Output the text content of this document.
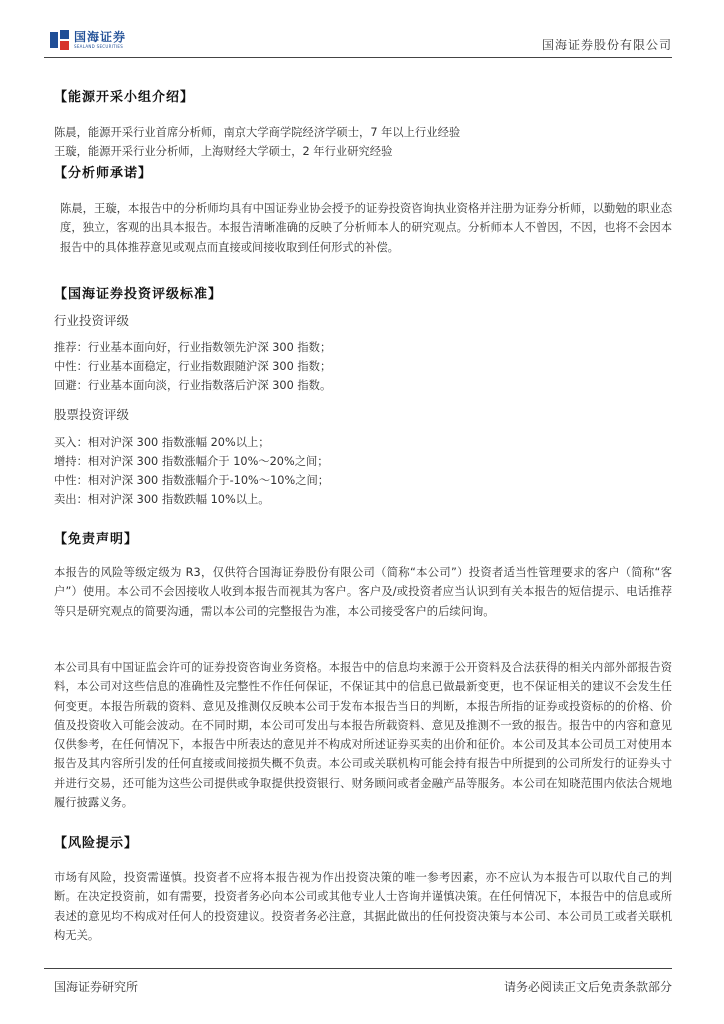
国海证券
SEALAND SECURITIES	国海证券股份有限公司
【能源开采小组介绍】
陈晨，能源开采行业首席分析师，南京大学商学院经济学硕士，7 年以上行业经验
王璇，能源开采行业分析师，上海财经大学硕士，2 年行业研究经验
【分析师承诺】
陈晨，王璇，本报告中的分析师均具有中国证券业协会授予的证券投资咨询执业资格并注册为证券分析师，以勤勉的职业态度，独立，客观的出具本报告。本报告清晰准确的反映了分析师本人的研究观点。分析师本人不曾因，不因，也将不会因本报告中的具体推荐意见或观点而直接或间接收取到任何形式的补偿。
【国海证券投资评级标准】
行业投资评级
推荐：行业基本面向好，行业指数领先沪深 300 指数；
中性：行业基本面稳定，行业指数跟随沪深 300 指数；
回避：行业基本面向淡，行业指数落后沪深 300 指数。
股票投资评级
买入：相对沪深 300 指数涨幅 20%以上；
增持：相对沪深 300 指数涨幅介于 10%～20%之间；
中性：相对沪深 300 指数涨幅介于-10%～10%之间；
卖出：相对沪深 300 指数跌幅 10%以上。
【免责声明】
本报告的风险等级定级为 R3，仅供符合国海证券股份有限公司（简称“本公司”）投资者适当性管理要求的客户（简称“客户”）使用。本公司不会因接收人收到本报告而视其为客户。客户及/或投资者应当认识到有关本报告的短信提示、电话推荐等只是研究观点的简要沟通，需以本公司的完整报告为准，本公司接受客户的后续问询。
本公司具有中国证监会许可的证券投资咨询业务资格。本报告中的信息均来源于公开资料及合法获得的相关内部外部报告资料，本公司对这些信息的准确性及完整性不作任何保证，不保证其中的信息已做最新变更，也不保证相关的建议不会发生任何变更。本报告所载的资料、意见及推测仅反映本公司于发布本报告当日的判断，本报告所指的证券或投资标的的价格、价值及投资收入可能会波动。在不同时期，本公司可发出与本报告所载资料、意见及推测不一致的报告。报告中的内容和意见仅供参考，在任何情况下，本报告中所表达的意见并不构成对所述证券买卖的出价和征价。本公司及其本公司员工对使用本报告及其内容所引发的任何直接或间接损失概不负责。本公司或关联机构可能会持有报告中所提到的公司所发行的证券头寸并进行交易，还可能为这些公司提供或争取提供投资银行、财务顾问或者金融产品等服务。本公司在知晓范围内依法合规地履行披露义务。
【风险提示】
市场有风险，投资需谨慎。投资者不应将本报告视为作出投资决策的唯一参考因素，亦不应认为本报告可以取代自己的判断。在决定投资前，如有需要，投资者务必向本公司或其他专业人士咨询并谨慎决策。在任何情况下，本报告中的信息或所表述的意见均不构成对任何人的投资建议。投资者务必注意，其据此做出的任何投资决策与本公司、本公司员工或者关联机构无关。
国海证券研究所	请务必阅读正文后免责条款部分
